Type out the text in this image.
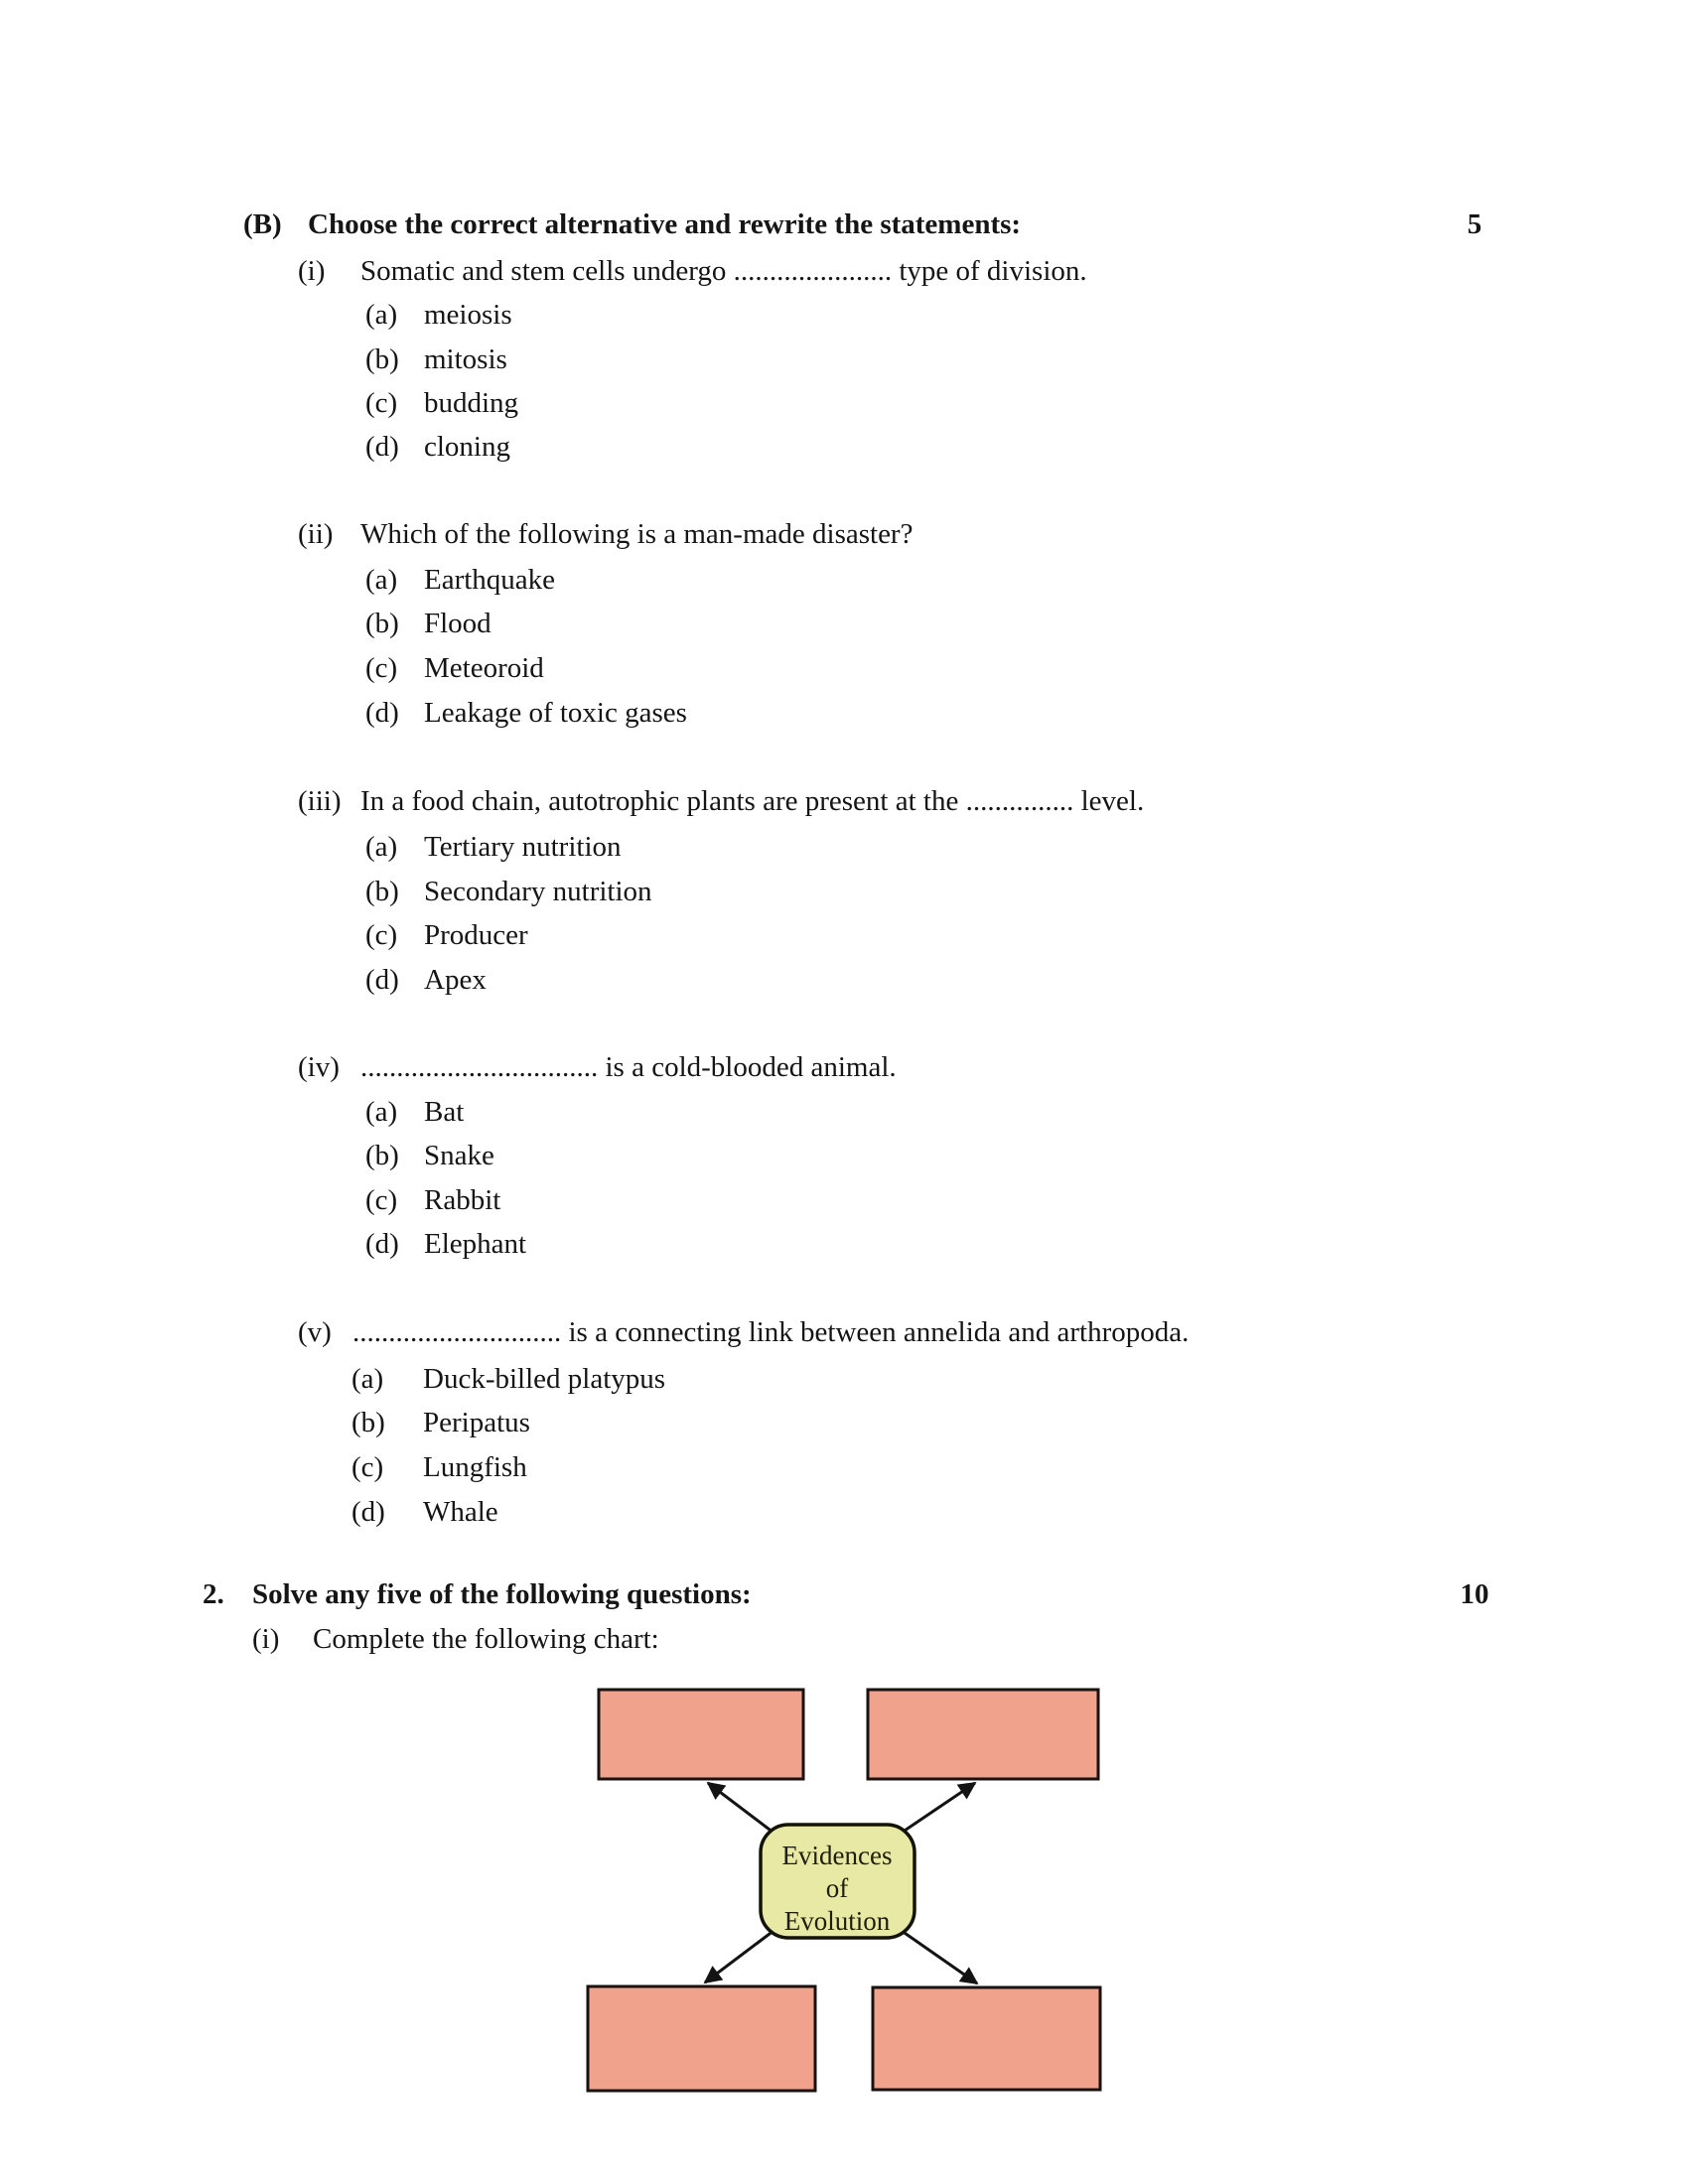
(B) Choose the correct alternative and rewrite the statements:	5
(i) Somatic and stem cells undergo ...................... type of division.
(a) meiosis
(b) mitosis
(c) budding
(d) cloning
(ii) Which of the following is a man-made disaster?
(a) Earthquake
(b) Flood
(c) Meteoroid
(d) Leakage of toxic gases
(iii) In a food chain, autotrophic plants are present at the ............... level.
(a) Tertiary nutrition
(b) Secondary nutrition
(c) Producer
(d) Apex
(iv) ................................. is a cold-blooded animal.
(a) Bat
(b) Snake
(c) Rabbit
(d) Elephant
(v) ............................. is a connecting link between annelida and arthropoda.
(a) Duck-billed platypus
(b) Peripatus
(c) Lungfish
(d) Whale
2. Solve any five of the following questions:	10
(i) Complete the following chart:
Evidences
of
Evolution
